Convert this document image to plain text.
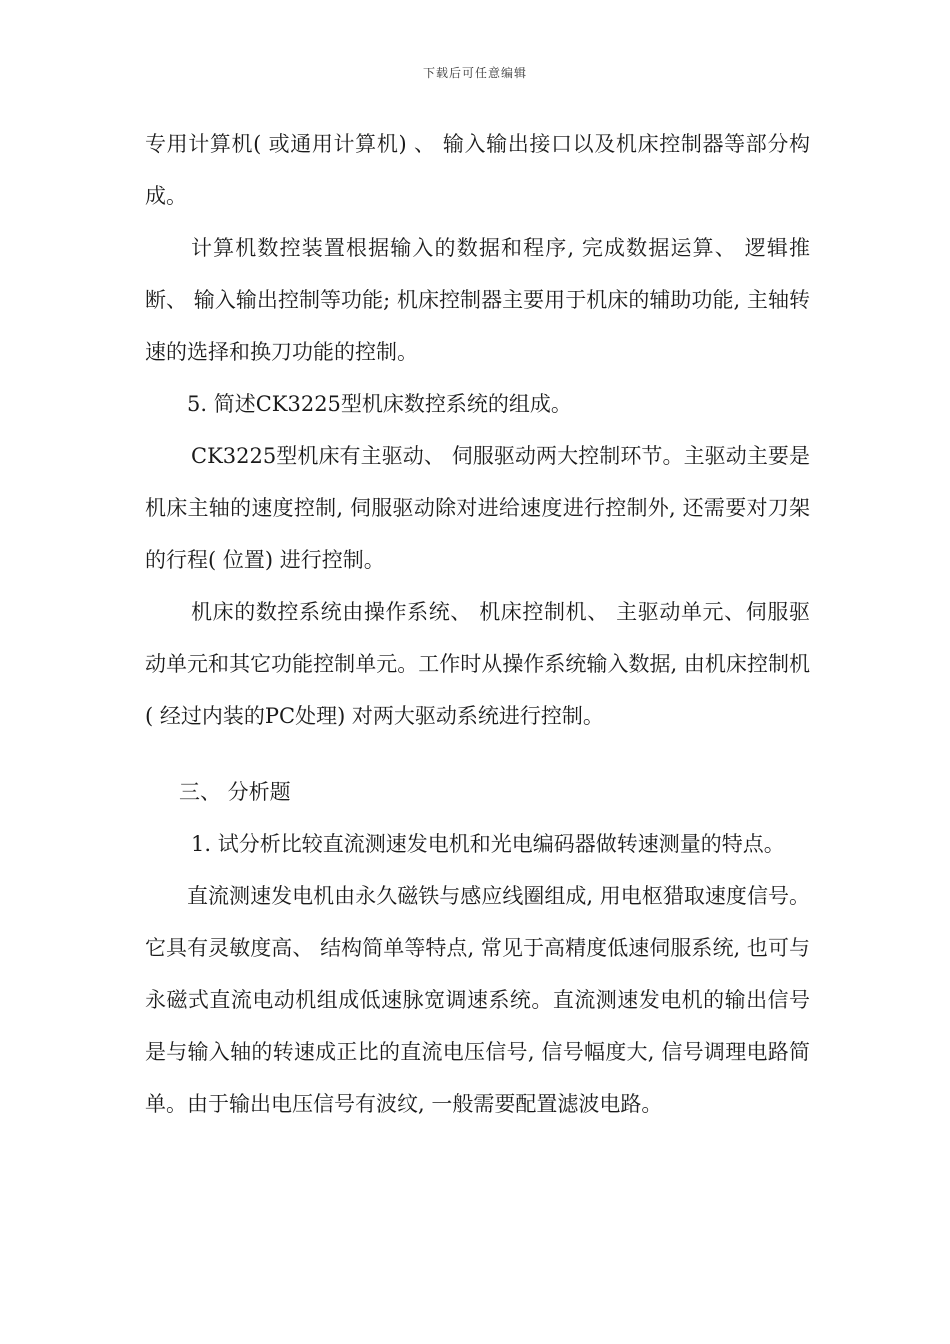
下载后可任意编辑

专用计算机( 或通用计算机) 、 输入输出接口以及机床控制器等部分构成。

计算机数控装置根据输入的数据和程序, 完成数据运算、 逻辑推断、 输入输出控制等功能; 机床控制器主要用于机床的辅助功能, 主轴转速的选择和换刀功能的控制。

5. 简述CK3225型机床数控系统的组成。

CK3225型机床有主驱动、 伺服驱动两大控制环节。主驱动主要是机床主轴的速度控制, 伺服驱动除对进给速度进行控制外, 还需要对刀架的行程( 位置) 进行控制。

机床的数控系统由操作系统、 机床控制机、 主驱动单元、伺服驱动单元和其它功能控制单元。工作时从操作系统输入数据, 由机床控制机( 经过内装的PC处理) 对两大驱动系统进行控制。

三、 分析题

1. 试分析比较直流测速发电机和光电编码器做转速测量的特点。

直流测速发电机由永久磁铁与感应线圈组成, 用电枢猎取速度信号。它具有灵敏度高、 结构简单等特点, 常见于高精度低速伺服系统, 也可与永磁式直流电动机组成低速脉宽调速系统。直流测速发电机的输出信号是与输入轴的转速成正比的直流电压信号, 信号幅度大, 信号调理电路简单。由于输出电压信号有波纹, 一般需要配置滤波电路。
